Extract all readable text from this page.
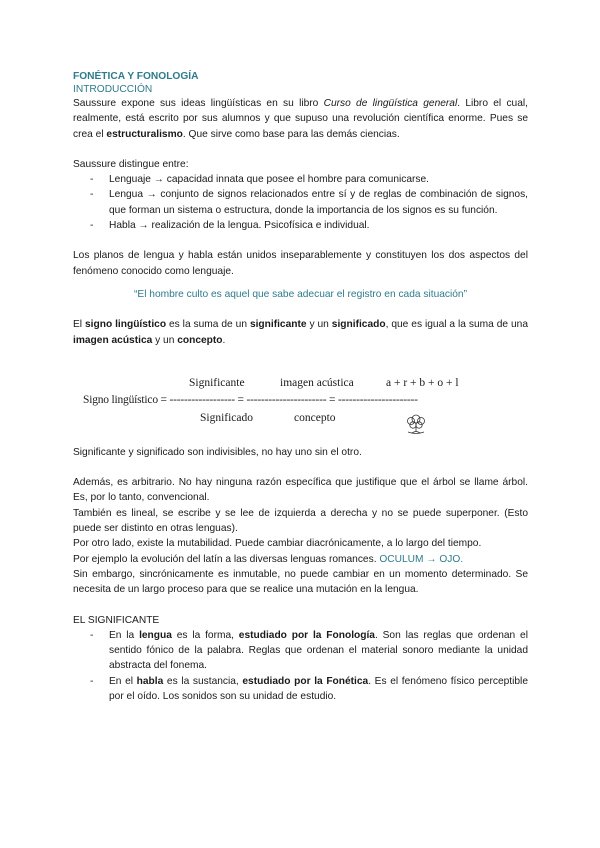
FONÉTICA Y FONOLOGÍA
INTRODUCCIÓN

Saussure expone sus ideas lingüísticas en su libro Curso de lingüística general. Libro el cual, realmente, está escrito por sus alumnos y que supuso una revolución científica enorme. Pues se crea el estructuralismo. Que sirve como base para las demás ciencias.

Saussure distingue entre:

- Lenguaje → capacidad innata que posee el hombre para comunicarse.
- Lengua → conjunto de signos relacionados entre sí y de reglas de combinación de signos, que forman un sistema o estructura, donde la importancia de los signos es su función.
- Habla → realización de la lengua. Psicofísica e individual.

Los planos de lengua y habla están unidos inseparablemente y constituyen los dos aspectos del fenómeno conocido como lenguaje.

“El hombre culto es aquel que sabe adecuar el registro en cada situación”

El signo lingüístico es la suma de un significante y un significado, que es igual a la suma de una imagen acústica y un concepto.

Significante	imagen acústica	a + r + b + o + l
Signo lingüístico = ------------------ = ---------------------- = ----------------------
Significado	concepto

Significante y significado son indivisibles, no hay uno sin el otro.

Además, es arbitrario. No hay ninguna razón específica que justifique que el árbol se llame árbol. Es, por lo tanto, convencional.

También es lineal, se escribe y se lee de izquierda a derecha y no se puede superponer. (Esto puede ser distinto en otras lenguas).

Por otro lado, existe la mutabilidad. Puede cambiar diacrónicamente, a lo largo del tiempo.

Por ejemplo la evolución del latín a las diversas lenguas romances. OCULUM → OJO.

Sin embargo, sincrónicamente es inmutable, no puede cambiar en un momento determinado. Se necesita de un largo proceso para que se realice una mutación en la lengua.

EL SIGNIFICANTE

- En la lengua es la forma, estudiado por la Fonología. Son las reglas que ordenan el sentido fónico de la palabra. Reglas que ordenan el material sonoro mediante la unidad abstracta del fonema.
- En el habla es la sustancia, estudiado por la Fonética. Es el fenómeno físico perceptible por el oído. Los sonidos son su unidad de estudio.
